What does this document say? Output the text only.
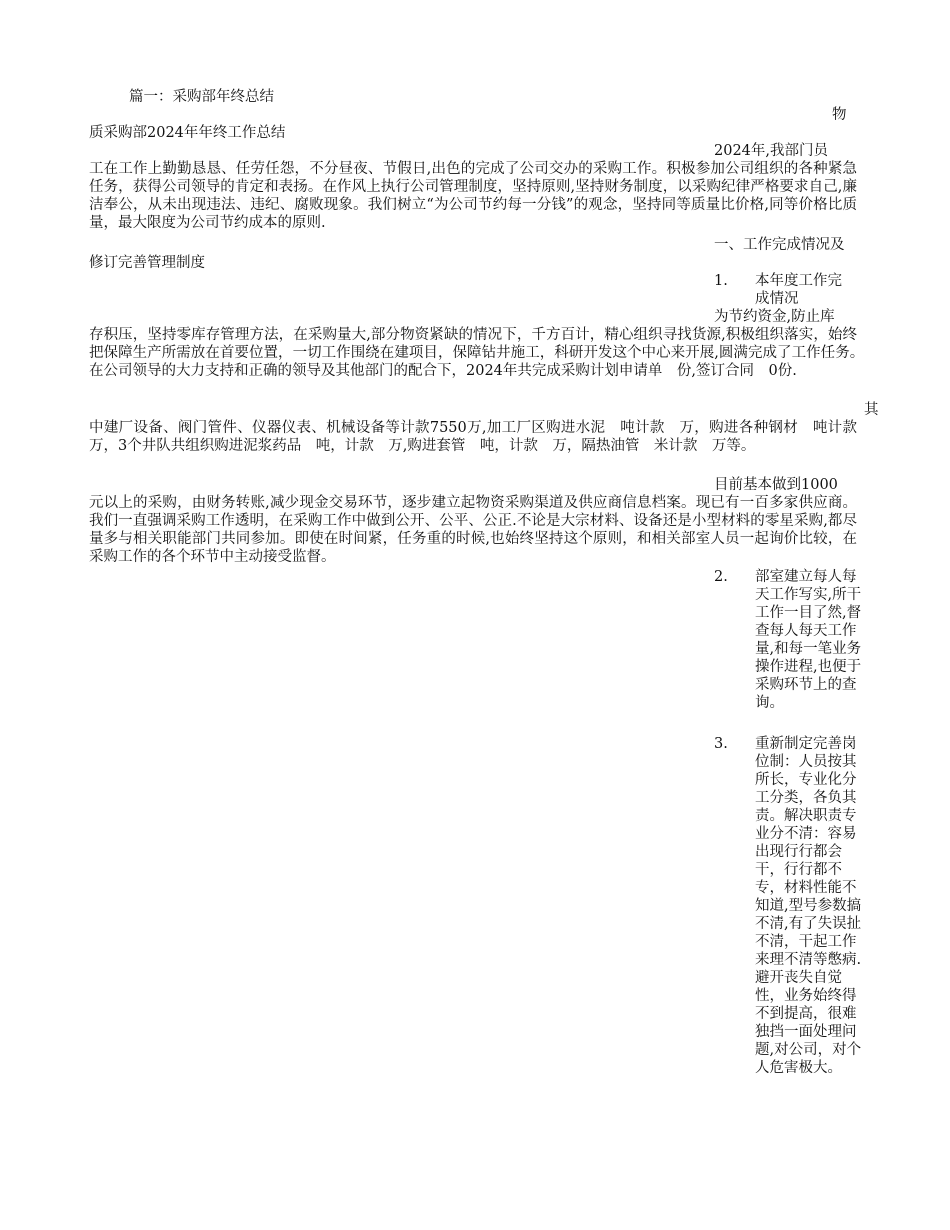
篇一：采购部年终总结
物
质采购部2024年年终工作总结
2024年,我部门员
工在工作上勤勤恳恳、任劳任怨，不分昼夜、节假日,出色的完成了公司交办的采购工作。积极参加公司组织的各种紧急任务，获得公司领导的肯定和表扬。在作风上执行公司管理制度，坚持原则,坚持财务制度，以采购纪律严格要求自己,廉洁奉公，从未出现违法、违纪、腐败现象。我们树立“为公司节约每一分钱”的观念，坚持同等质量比价格,同等价格比质量，最大限度为公司节约成本的原则.
一、工作完成情况及
修订完善管理制度
1. 本年度工作完成情况
为节约资金,防止库
存积压，坚持零库存管理方法，在采购量大,部分物资紧缺的情况下，千方百计，精心组织寻找货源,积极组织落实，始终把保障生产所需放在首要位置，一切工作围绕在建项目，保障钻井施工，科研开发这个中心来开展,圆满完成了工作任务。　　 在公司领导的大力支持和正确的领导及其他部门的配合下，2024年共完成采购计划申请单　份,签订合同　0份.
其
中建厂设备、阀门管件、仪器仪表、机械设备等计款7550万,加工厂区购进水泥　吨计款　万，购进各种钢材　吨计款　万，3个井队共组织购进泥浆药品　吨，计款　万,购进套管　吨，计款　万，隔热油管　米计款　万等。
目前基本做到1000
元以上的采购，由财务转账,减少现金交易环节，逐步建立起物资采购渠道及供应商信息档案。现已有一百多家供应商。我们一直强调采购工作透明，在采购工作中做到公开、公平、公正.不论是大宗材料、设备还是小型材料的零星采购,都尽量多与相关职能部门共同参加。即使在时间紧，任务重的时候,也始终坚持这个原则，和相关部室人员一起询价比较，在采购工作的各个环节中主动接受监督。
2. 部室建立每人每天工作写实,所干工作一目了然,督查每人每天工作量,和每一笔业务操作进程,也便于采购环节上的查询。
3. 重新制定完善岗位制：人员按其所长，专业化分工分类，各负其责。解决职责专业分不清：容易出现行行都会干，行行都不专，材料性能不知道,型号参数搞不清,有了失误扯不清，干起工作来理不清等憋病.避开丧失自觉性，业务始终得不到提高，很难独挡一面处理问题,对公司，对个人危害极大。
